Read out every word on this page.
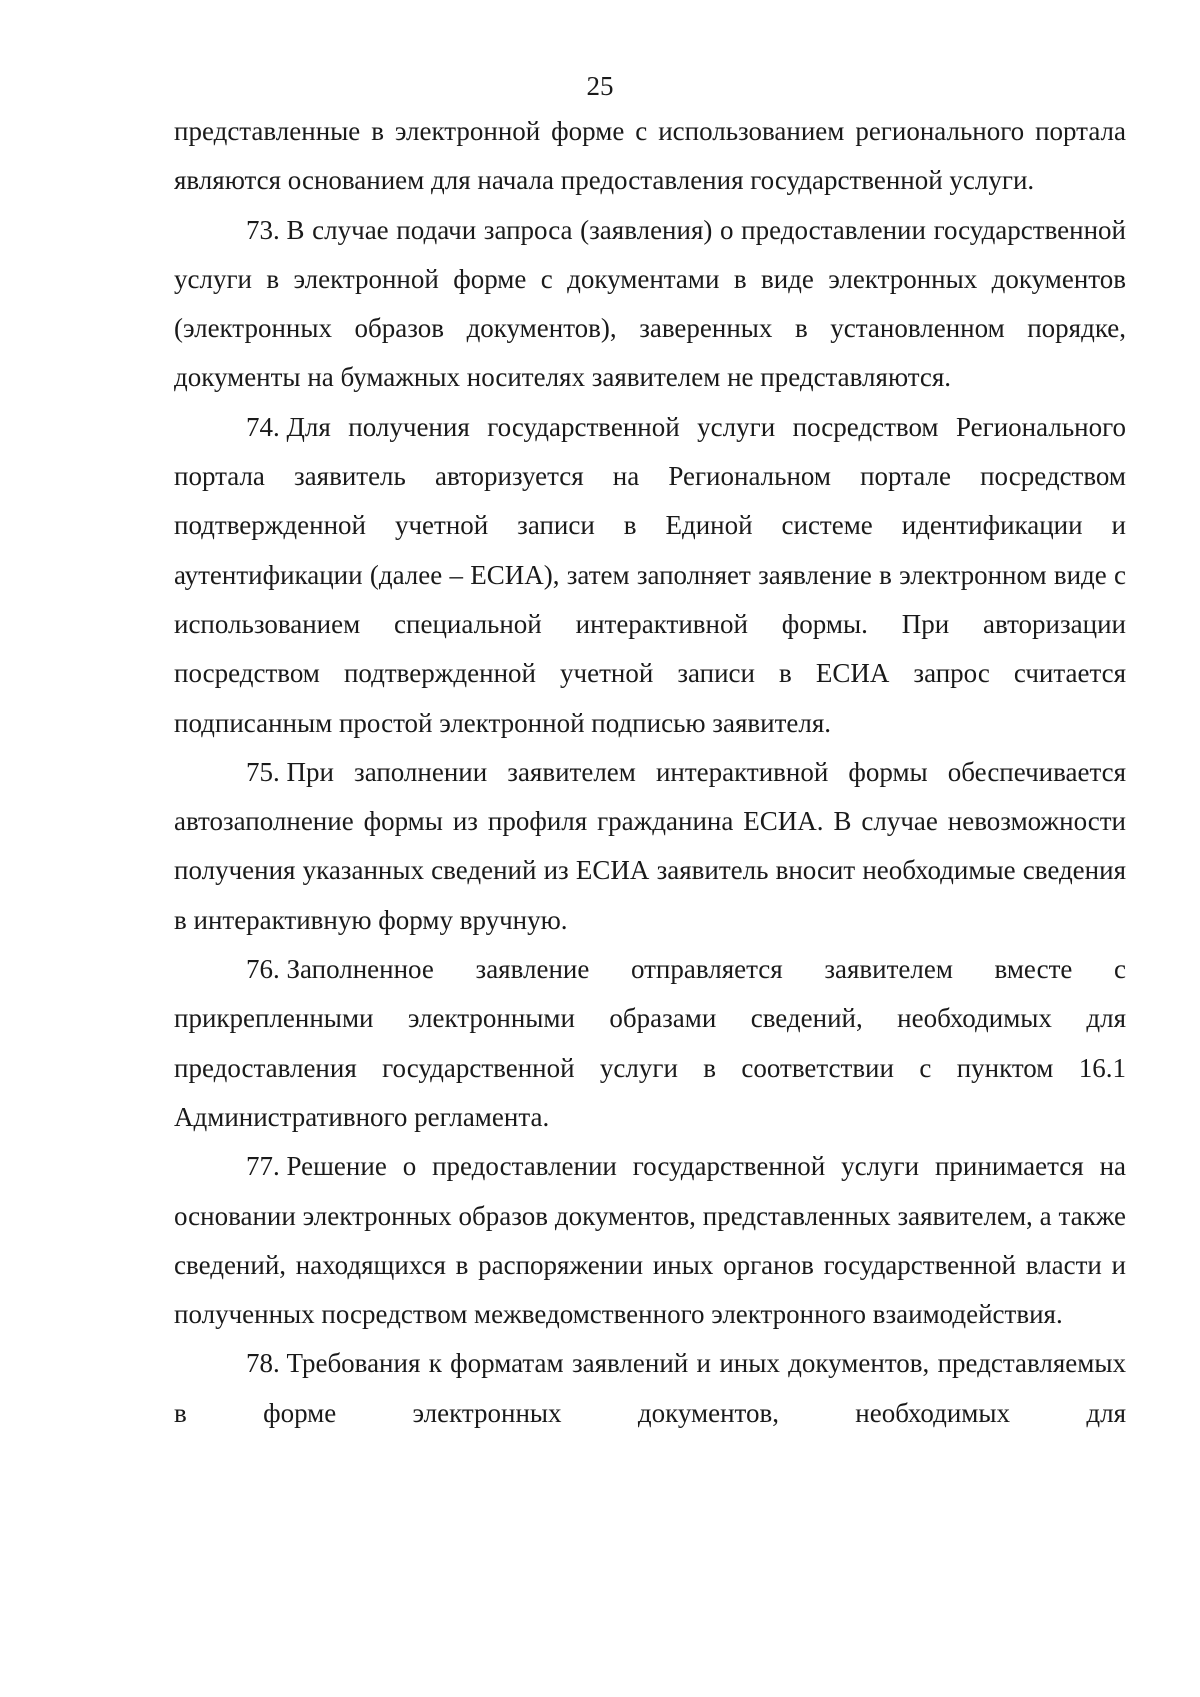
25

представленные в электронной форме с использованием регионального портала являются основанием для начала предоставления государственной услуги.

73. В случае подачи запроса (заявления) о предоставлении государственной услуги в электронной форме с документами в виде электронных документов (электронных образов документов), заверенных в установленном порядке, документы на бумажных носителях заявителем не представляются.

74. Для получения государственной услуги посредством Регионального портала заявитель авторизуется на Региональном портале посредством подтвержденной учетной записи в Единой системе идентификации и аутентификации (далее – ЕСИА), затем заполняет заявление в электронном виде с использованием специальной интерактивной формы. При авторизации посредством подтвержденной учетной записи в ЕСИА запрос считается подписанным простой электронной подписью заявителя.

75. При заполнении заявителем интерактивной формы обеспечивается автозаполнение формы из профиля гражданина ЕСИА. В случае невозможности получения указанных сведений из ЕСИА заявитель вносит необходимые сведения в интерактивную форму вручную.

76. Заполненное заявление отправляется заявителем вместе с прикрепленными электронными образами сведений, необходимых для предоставления государственной услуги в соответствии с пунктом 16.1 Административного регламента.

77. Решение о предоставлении государственной услуги принимается на основании электронных образов документов, представленных заявителем, а также сведений, находящихся в распоряжении иных органов государственной власти и полученных посредством межведомственного электронного взаимодействия.

78. Требования к форматам заявлений и иных документов, представляемых в форме электронных документов, необходимых для
